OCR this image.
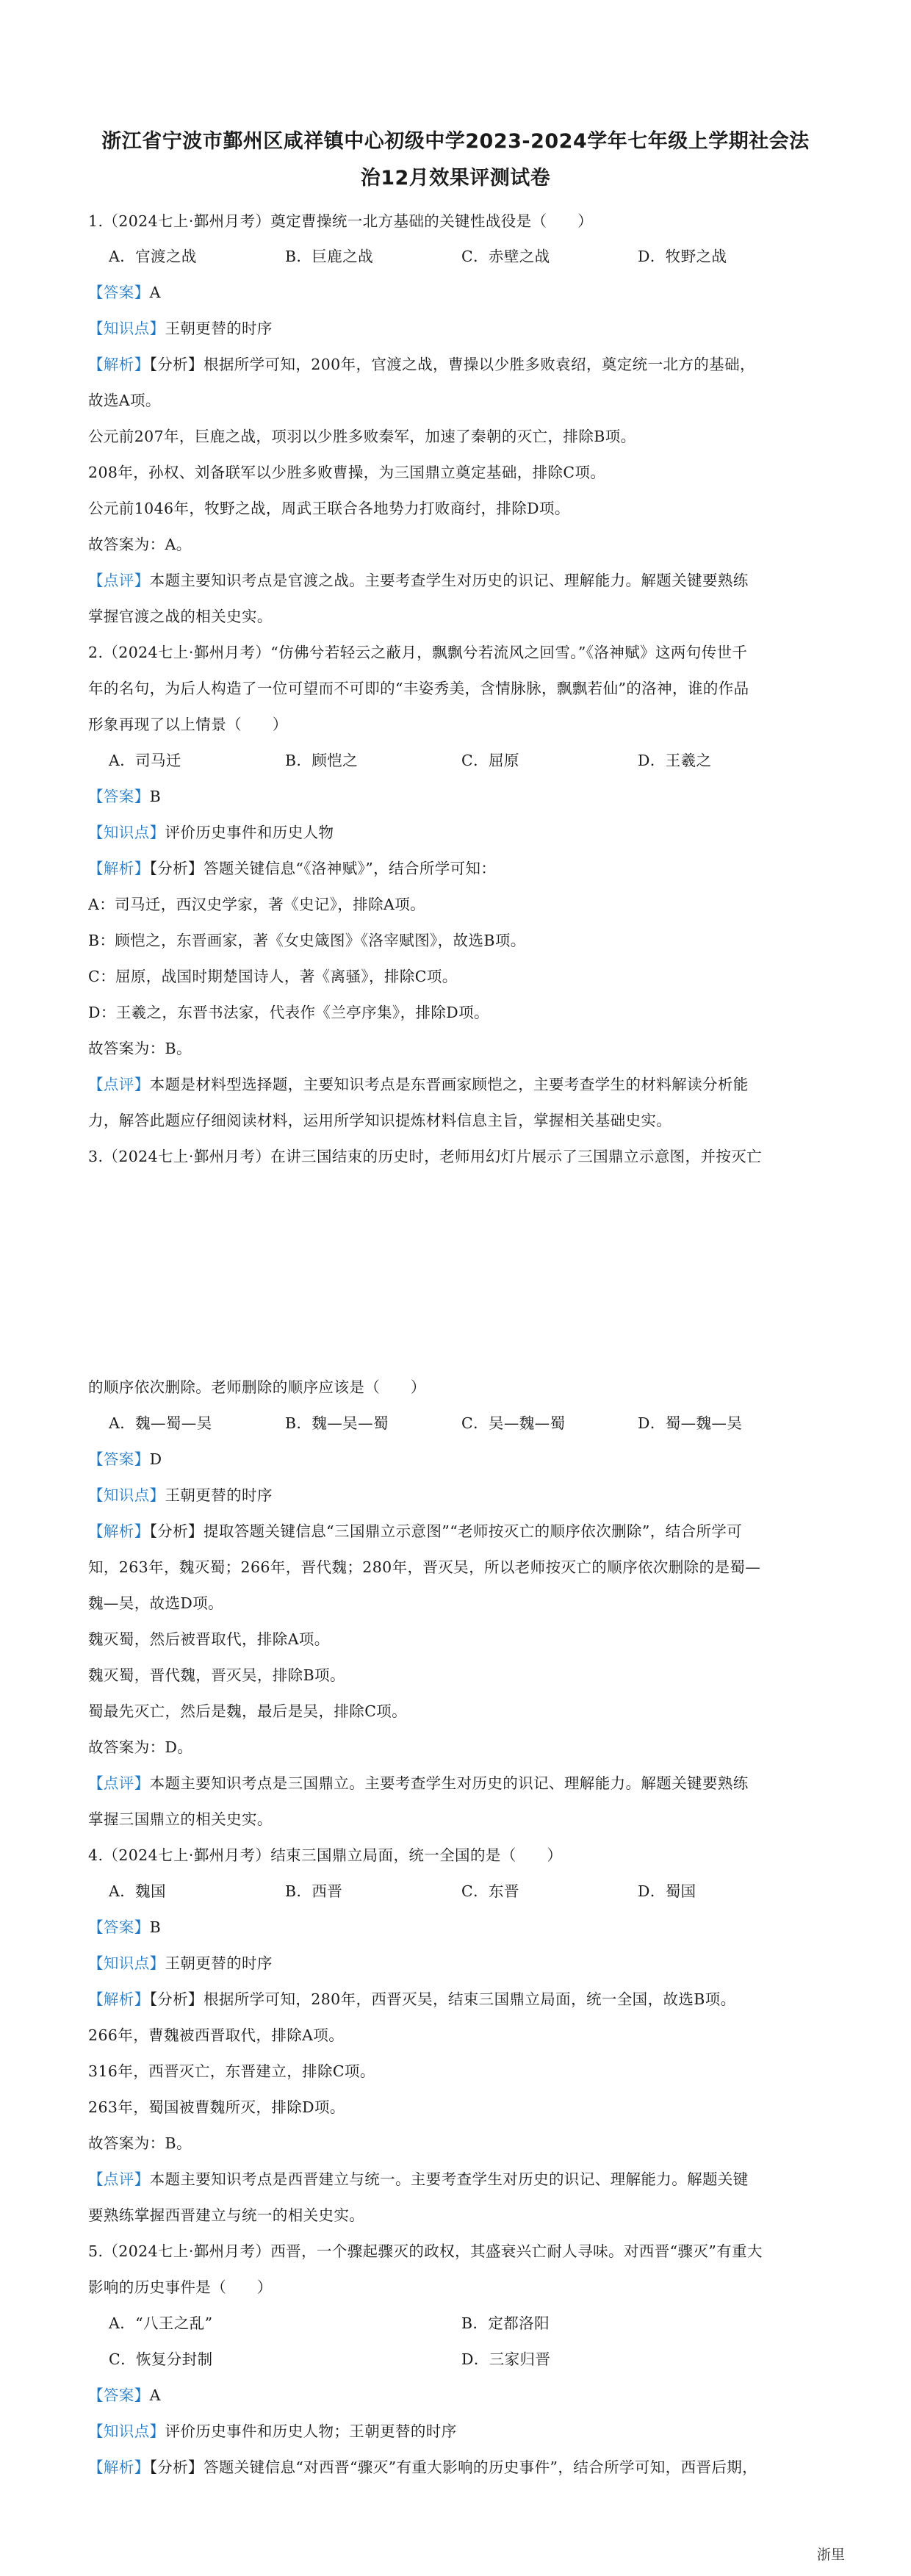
浙江省宁波市鄞州区咸祥镇中心初级中学2023-2024学年七年级上学期社会法
治12月效果评测试卷
1.（2024七上·鄞州月考）奠定曹操统一北方基础的关键性战役是（　　）
A．官渡之战	B．巨鹿之战	C．赤壁之战	D．牧野之战
【答案】A
【知识点】王朝更替的时序
【解析】【分析】根据所学可知，200年，官渡之战，曹操以少胜多败袁绍，奠定统一北方的基础，
故选A项。
公元前207年，巨鹿之战，项羽以少胜多败秦军，加速了秦朝的灭亡，排除B项。
208年，孙权、刘备联军以少胜多败曹操，为三国鼎立奠定基础，排除C项。
公元前1046年，牧野之战，周武王联合各地势力打败商纣，排除D项。
故答案为：A。
【点评】本题主要知识考点是官渡之战。主要考查学生对历史的识记、理解能力。解题关键要熟练
掌握官渡之战的相关史实。
2.（2024七上·鄞州月考）“仿佛兮若轻云之蔽月，飘飘兮若流风之回雪。”《洛神赋》这两句传世千
年的名句，为后人构造了一位可望而不可即的“丰姿秀美，含情脉脉，飘飘若仙”的洛神，谁的作品
形象再现了以上情景（　　）
A．司马迁	B．顾恺之	C．屈原	D．王羲之
【答案】B
【知识点】评价历史事件和历史人物
【解析】【分析】答题关键信息“《洛神赋》”，结合所学可知：
A：司马迁，西汉史学家，著《史记》，排除A项。
B：顾恺之，东晋画家，著《女史箴图》《洛宰赋图》，故选B项。
C：屈原，战国时期楚国诗人，著《离骚》，排除C项。
D：王羲之，东晋书法家，代表作《兰亭序集》，排除D项。
故答案为：B。
【点评】本题是材料型选择题，主要知识考点是东晋画家顾恺之，主要考查学生的材料解读分析能
力，解答此题应仔细阅读材料，运用所学知识提炼材料信息主旨，掌握相关基础史实。
3.（2024七上·鄞州月考）在讲三国结束的历史时，老师用幻灯片展示了三国鼎立示意图，并按灭亡
的顺序依次删除。老师删除的顺序应该是（　　）
A．魏—蜀—吴	B．魏—吴—蜀	C．吴—魏—蜀	D．蜀—魏—吴
【答案】D
【知识点】王朝更替的时序
【解析】【分析】提取答题关键信息“三国鼎立示意图”“老师按灭亡的顺序依次删除”，结合所学可
知，263年，魏灭蜀；266年，晋代魏；280年，晋灭吴，所以老师按灭亡的顺序依次删除的是蜀—
魏—吴，故选D项。
魏灭蜀，然后被晋取代，排除A项。
魏灭蜀，晋代魏，晋灭吴，排除B项。
蜀最先灭亡，然后是魏，最后是吴，排除C项。
故答案为：D。
【点评】本题主要知识考点是三国鼎立。主要考查学生对历史的识记、理解能力。解题关键要熟练
掌握三国鼎立的相关史实。
4.（2024七上·鄞州月考）结束三国鼎立局面，统一全国的是（　　）
A．魏国	B．西晋	C．东晋	D．蜀国
【答案】B
【知识点】王朝更替的时序
【解析】【分析】根据所学可知，280年，西晋灭吴，结束三国鼎立局面，统一全国，故选B项。
266年，曹魏被西晋取代，排除A项。
316年，西晋灭亡，东晋建立，排除C项。
263年，蜀国被曹魏所灭，排除D项。
故答案为：B。
【点评】本题主要知识考点是西晋建立与统一。主要考查学生对历史的识记、理解能力。解题关键
要熟练掌握西晋建立与统一的相关史实。
5.（2024七上·鄞州月考）西晋，一个骤起骤灭的政权，其盛衰兴亡耐人寻味。对西晋“骤灭”有重大
影响的历史事件是（　　）
A．“八王之乱”	B．定都洛阳
C．恢复分封制	D．三家归晋
【答案】A
【知识点】评价历史事件和历史人物；王朝更替的时序
【解析】【分析】答题关键信息“对西晋“骤灭”有重大影响的历史事件”，结合所学可知，西晋后期，
浙里
